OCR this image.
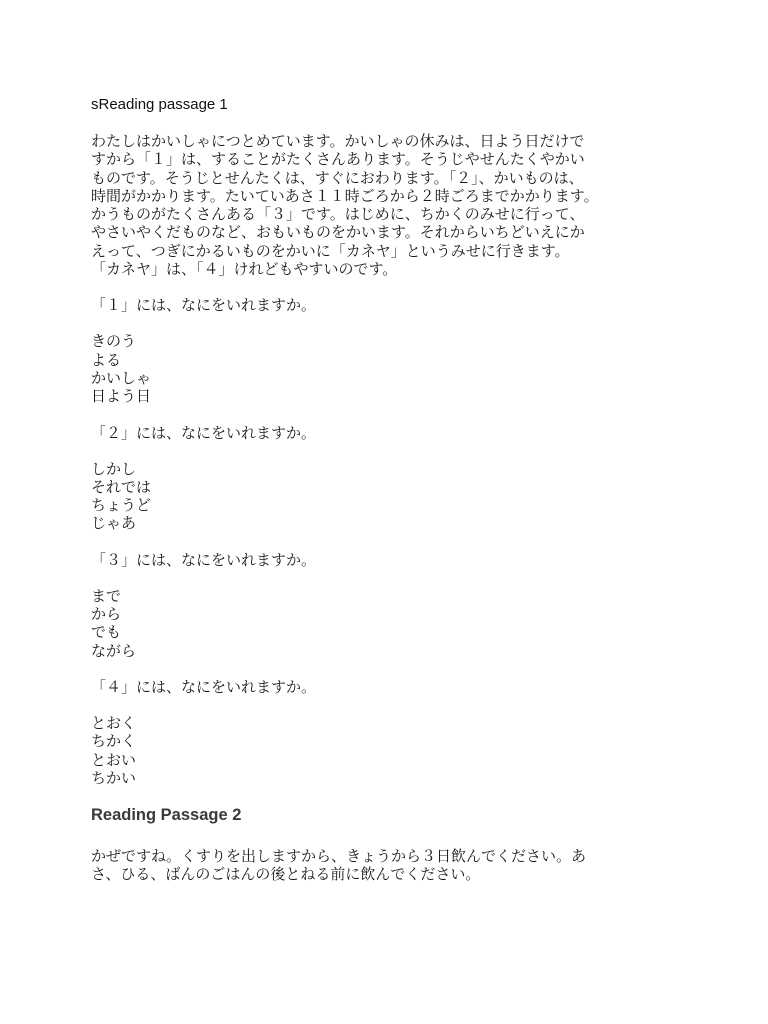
sReading passage 1
わたしはかいしゃにつとめています。かいしゃの休みは、日よう日だけで
すから「１」は、することがたくさんあります。そうじやせんたくやかい
ものです。そうじとせんたくは、すぐにおわります。「２」、かいものは、
時間がかかります。たいていあさ１１時ごろから２時ごろまでかかります。
かうものがたくさんある「３」です。はじめに、ちかくのみせに行って、
やさいやくだものなど、おもいものをかいます。それからいちどいえにか
えって、つぎにかるいものをかいに「カネヤ」というみせに行きます。
「カネヤ」は、「４」けれどもやすいのです。
「１」には、なにをいれますか。
きのう
よる
かいしゃ
日よう日
「２」には、なにをいれますか。
しかし
それでは
ちょうど
じゃあ
「３」には、なにをいれますか。
まで
から
でも
ながら
「４」には、なにをいれますか。
とおく
ちかく
とおい
ちかい
Reading Passage 2
かぜですね。くすりを出しますから、きょうから３日飲んでください。あ
さ、ひる、ばんのごはんの後とねる前に飲んでください。
